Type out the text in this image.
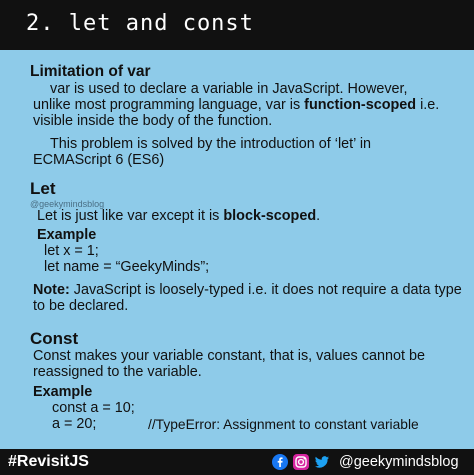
2. let and const
Limitation of var
var is used to declare a variable in JavaScript. However,
unlike most programming language, var is function-scoped i.e.
visible inside the body of the function.
This problem is solved by the introduction of ‘let’ in
ECMAScript 6 (ES6)
Let
@geekymindsblog
Let is just like var except it is block-scoped.
Example
let x = 1;
let name = “GeekyMinds”;
Note: JavaScript is loosely-typed i.e. it does not require a data type
to be declared.
Const
Const makes your variable constant, that is, values cannot be
reassigned to the variable.
Example
const a = 10;
a = 20;	//TypeError: Assignment to constant variable
#RevisitJS	@geekymindsblog
